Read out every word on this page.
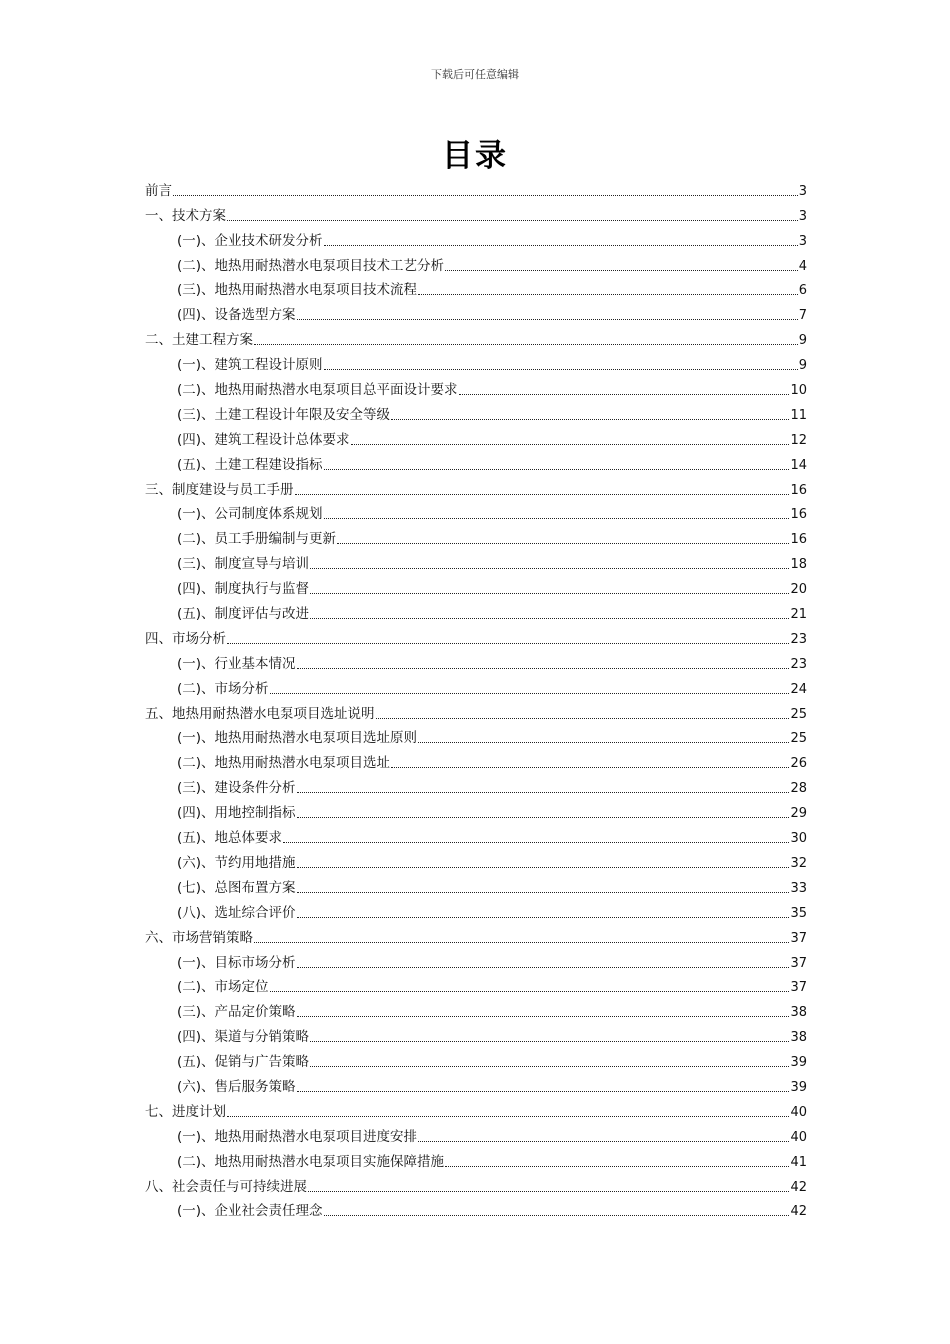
下载后可任意编辑
目录
前言	3
一、技术方案	3
(一)、企业技术研发分析	3
(二)、地热用耐热潜水电泵项目技术工艺分析	4
(三)、地热用耐热潜水电泵项目技术流程	6
(四)、设备选型方案	7
二、土建工程方案	9
(一)、建筑工程设计原则	9
(二)、地热用耐热潜水电泵项目总平面设计要求	10
(三)、土建工程设计年限及安全等级	11
(四)、建筑工程设计总体要求	12
(五)、土建工程建设指标	14
三、制度建设与员工手册	16
(一)、公司制度体系规划	16
(二)、员工手册编制与更新	16
(三)、制度宣导与培训	18
(四)、制度执行与监督	20
(五)、制度评估与改进	21
四、市场分析	23
(一)、行业基本情况	23
(二)、市场分析	24
五、地热用耐热潜水电泵项目选址说明	25
(一)、地热用耐热潜水电泵项目选址原则	25
(二)、地热用耐热潜水电泵项目选址	26
(三)、建设条件分析	28
(四)、用地控制指标	29
(五)、地总体要求	30
(六)、节约用地措施	32
(七)、总图布置方案	33
(八)、选址综合评价	35
六、市场营销策略	37
(一)、目标市场分析	37
(二)、市场定位	37
(三)、产品定价策略	38
(四)、渠道与分销策略	38
(五)、促销与广告策略	39
(六)、售后服务策略	39
七、进度计划	40
(一)、地热用耐热潜水电泵项目进度安排	40
(二)、地热用耐热潜水电泵项目实施保障措施	41
八、社会责任与可持续进展	42
(一)、企业社会责任理念	42
